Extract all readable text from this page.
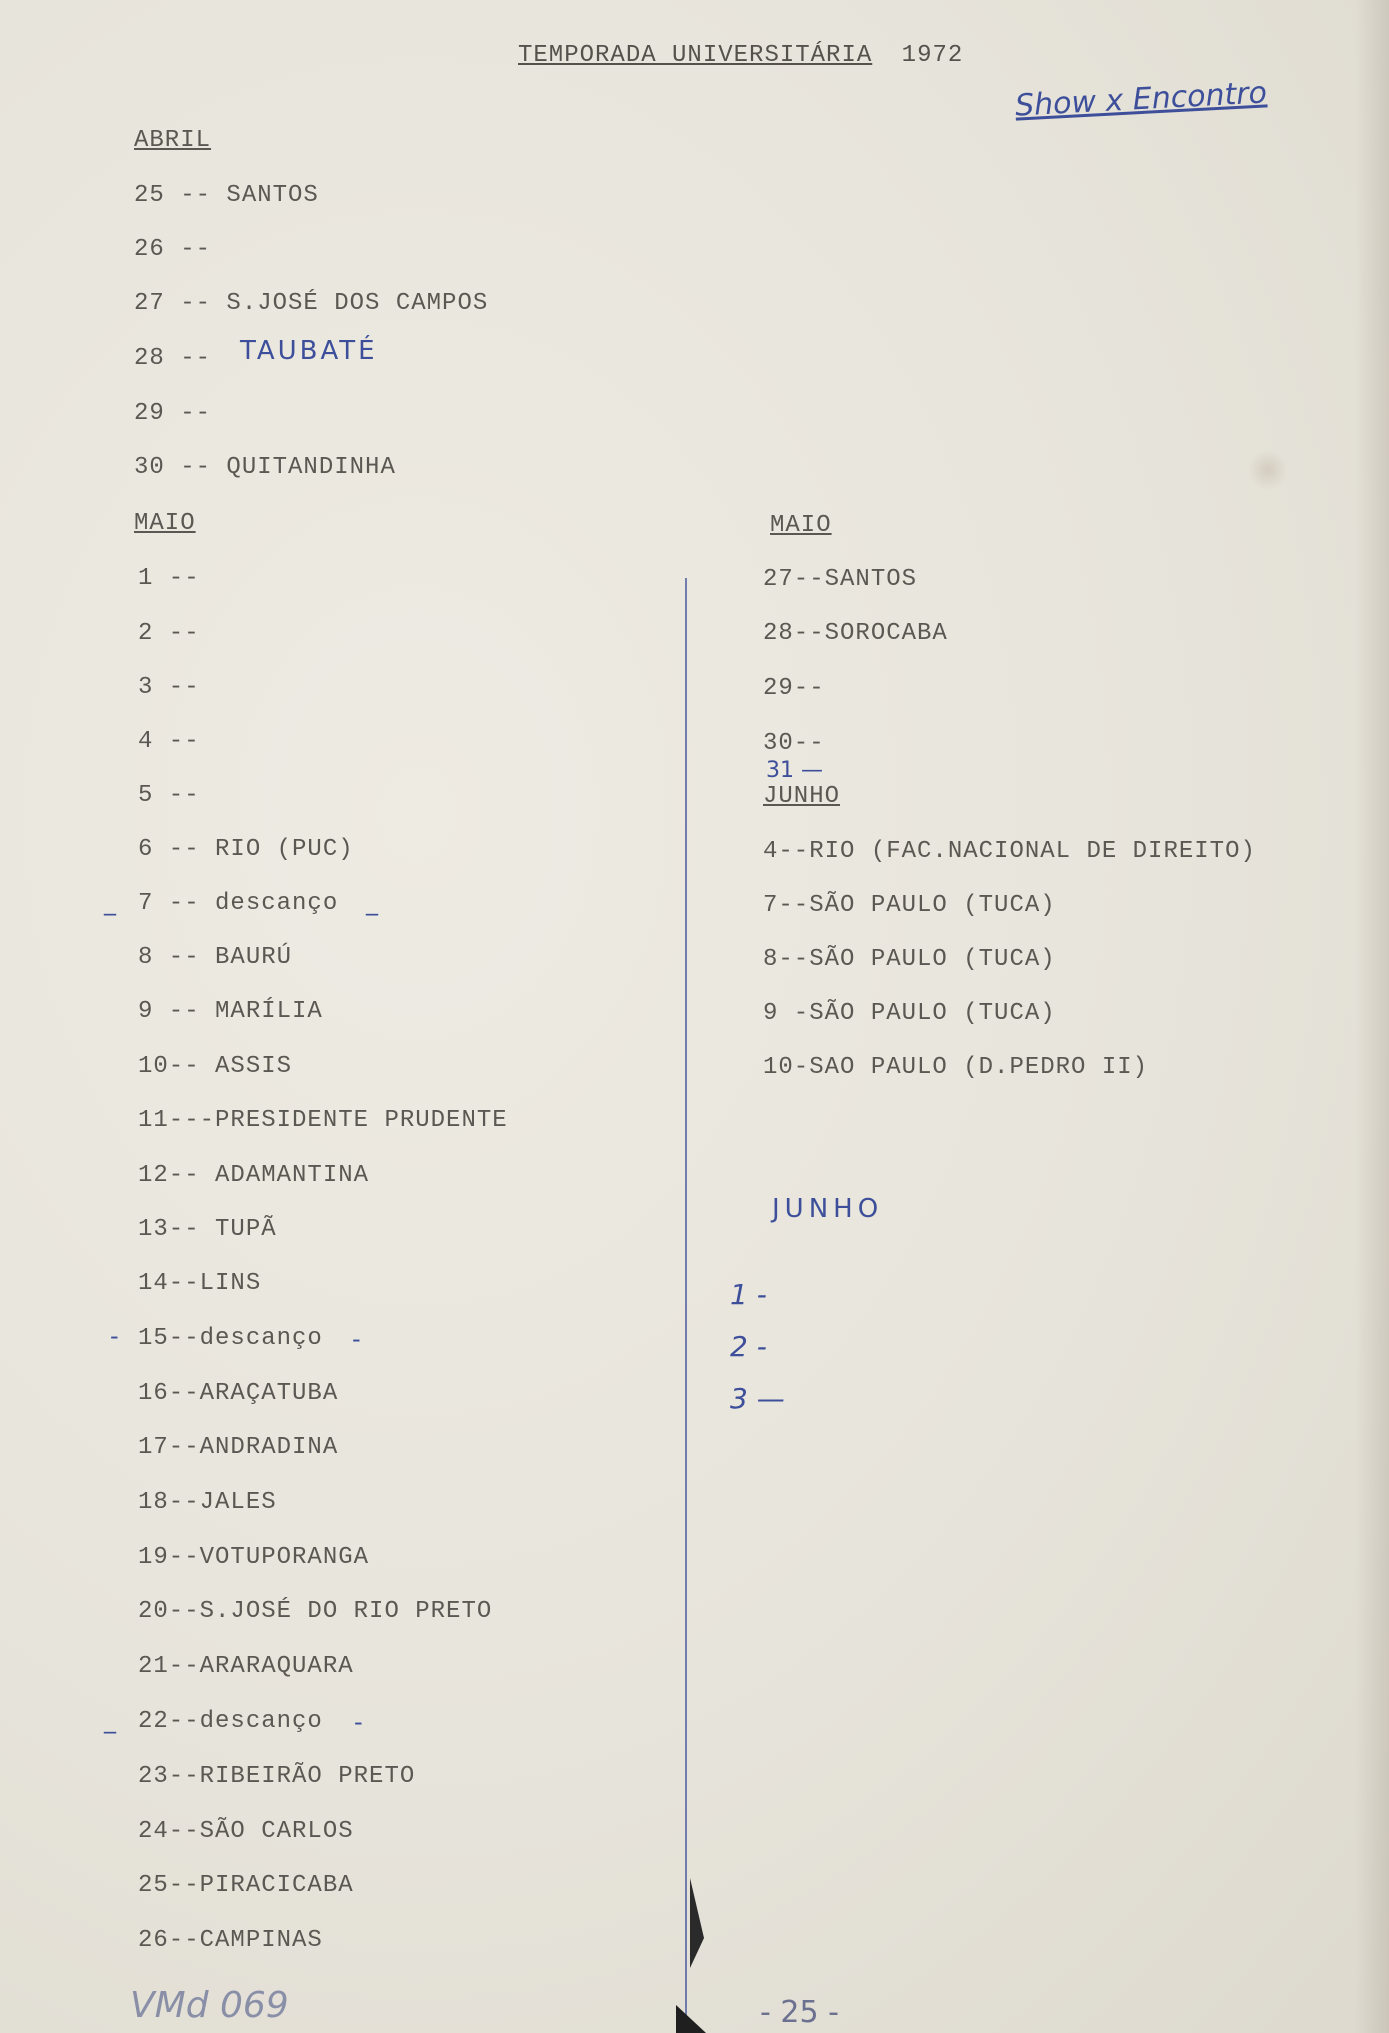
TEMPORADA UNIVERSITÁRIA 1972
Show x Encontro
ABRIL
25 -- SANTOS
26 --
27 -- S.JOSÉ DOS CAMPOS
28 -- TAUBATÉ
29 --
30 -- QUITANDINHA
MAIO
1 --
2 --
3 --
4 --
5 --
6 -- RIO (PUC)
_ 7 -- descanço _
8 -- BAURÚ
9 -- MARÍLIA
10-- ASSIS
11---PRESIDENTE PRUDENTE
12-- ADAMANTINA
13-- TUPÃ
14--LINS
- 15--descanço -
16--ARAÇATUBA
17--ANDRADINA
18--JALES
19--VOTUPORANGA
20--S.JOSÉ DO RIO PRETO
21--ARARAQUARA
_ 22--descanço -
23--RIBEIRÃO PRETO
24--SÃO CARLOS
25--PIRACICABA
26--CAMPINAS
MAIO
27--SANTOS
28--SOROCABA
29--
30--
31 —
JUNHO
4--RIO (FAC.NACIONAL DE DIREITO)
7--SÃO PAULO (TUCA)
8--SÃO PAULO (TUCA)
9 -SÃO PAULO (TUCA)
10-SAO PAULO (D.PEDRO II)
JUNHO
1 -
2 -
3 —
VMd 069	- 25 -
